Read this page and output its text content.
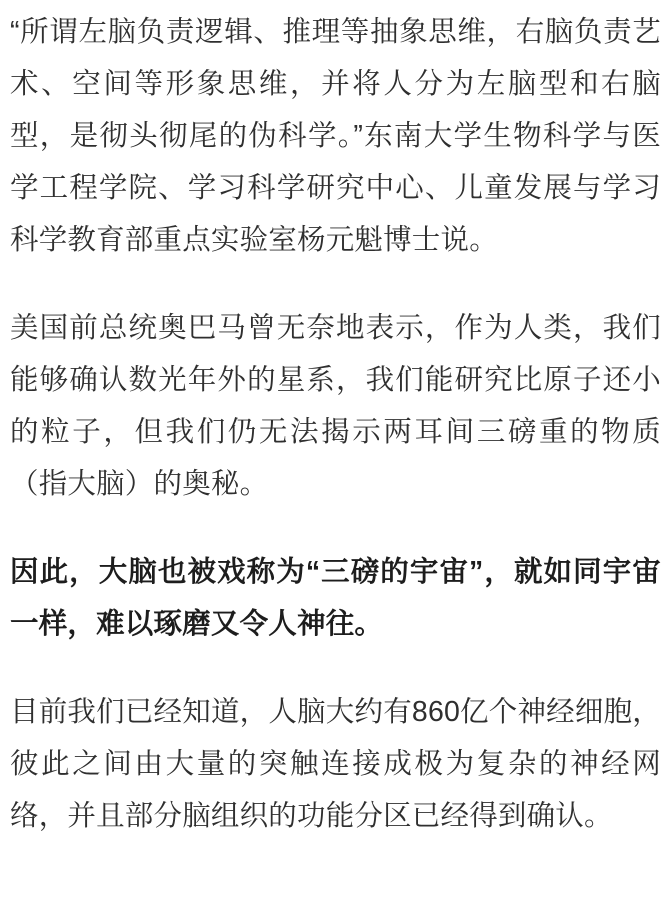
“所谓左脑负责逻辑、推理等抽象思维，右脑负责艺术、空间等形象思维，并将人分为左脑型和右脑型，是彻头彻尾的伪科学。”东南大学生物科学与医学工程学院、学习科学研究中心、儿童发展与学习科学教育部重点实验室杨元魁博士说。

美国前总统奥巴马曾无奈地表示，作为人类，我们能够确认数光年外的星系，我们能研究比原子还小的粒子，但我们仍无法揭示两耳间三磅重的物质（指大脑）的奥秘。

因此，大脑也被戏称为“三磅的宇宙”，就如同宇宙一样，难以琢磨又令人神往。

目前我们已经知道，人脑大约有860亿个神经细胞，彼此之间由大量的突触连接成极为复杂的神经网络，并且部分脑组织的功能分区已经得到确认。
